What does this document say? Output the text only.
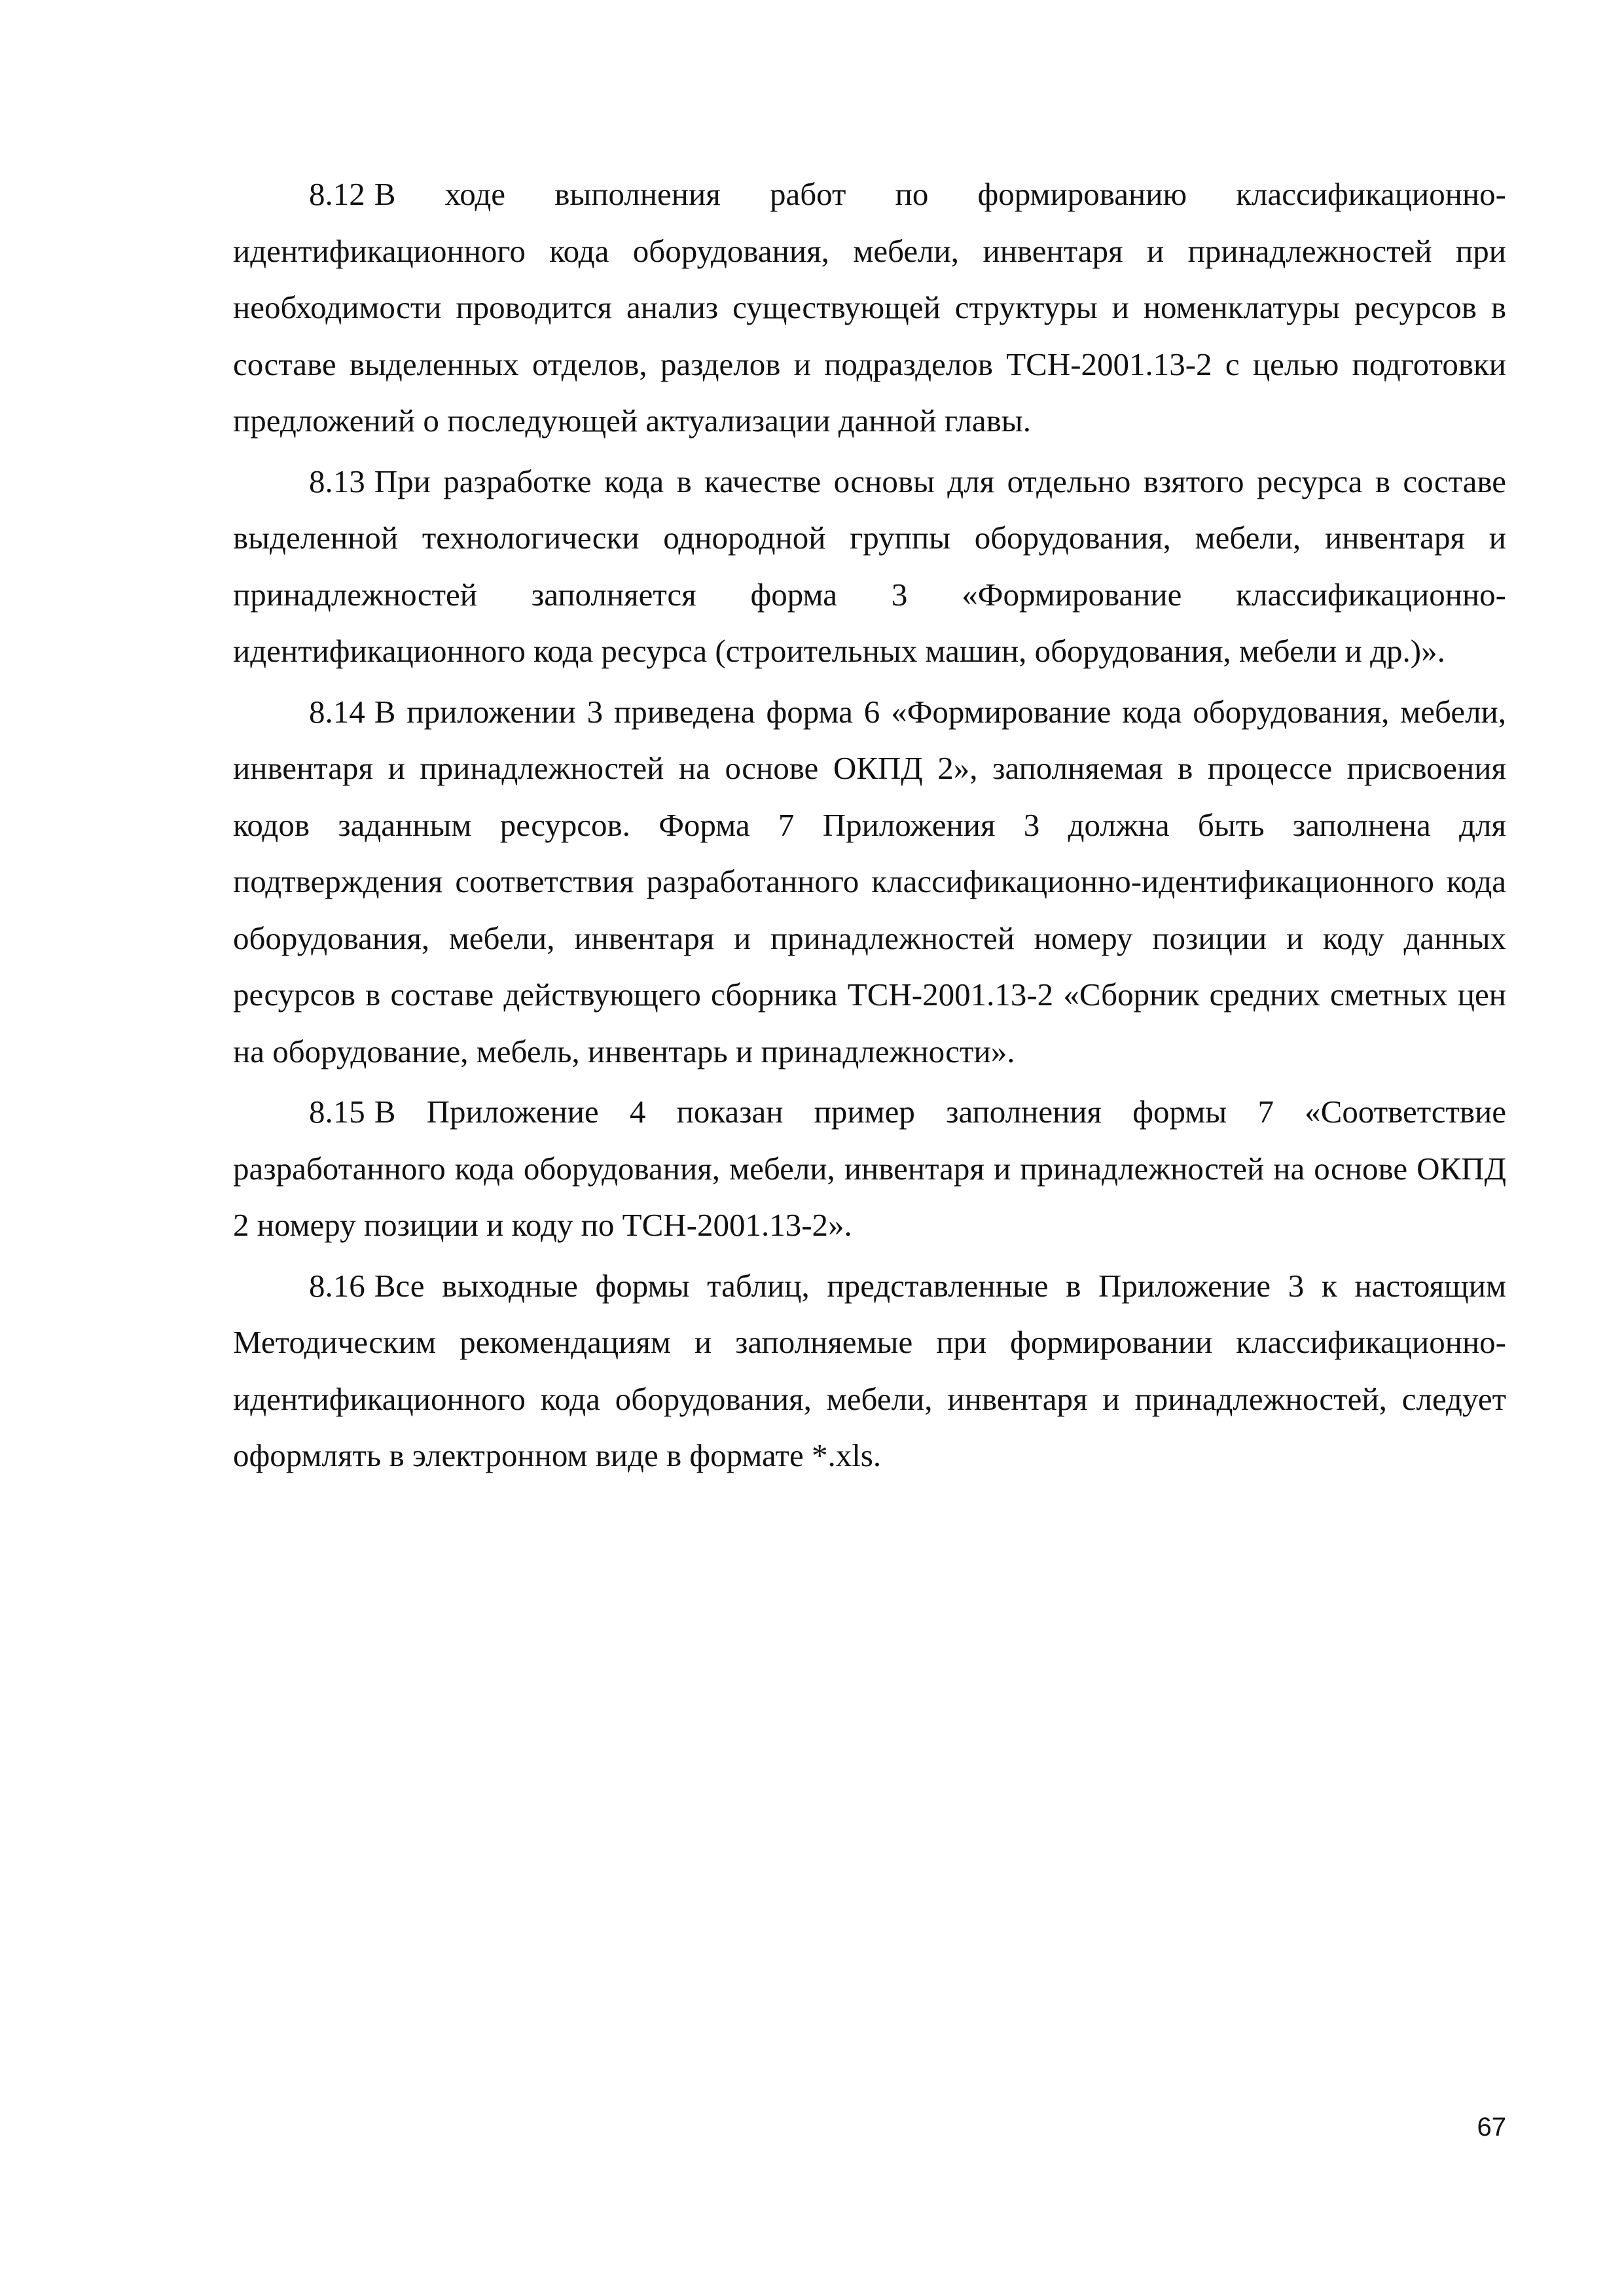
8.12 В ходе выполнения работ по формированию классификационно-идентификационного кода оборудования, мебели, инвентаря и принадлежностей при необходимости проводится анализ существующей структуры и номенклатуры ресурсов в составе выделенных отделов, разделов и подразделов ТСН-2001.13-2 с целью подготовки предложений о последующей актуализации данной главы.

8.13 При разработке кода в качестве основы для отдельно взятого ресурса в составе выделенной технологически однородной группы оборудования, мебели, инвентаря и принадлежностей заполняется форма 3 «Формирование классификационно-идентификационного кода ресурса (строительных машин, оборудования, мебели и др.)».

8.14 В приложении 3 приведена форма 6 «Формирование кода оборудования, мебели, инвентаря и принадлежностей на основе ОКПД 2», заполняемая в процессе присвоения кодов заданным ресурсов. Форма 7 Приложения 3 должна быть заполнена для подтверждения соответствия разработанного классификационно-идентификационного кода оборудования, мебели, инвентаря и принадлежностей номеру позиции и коду данных ресурсов в составе действующего сборника ТСН-2001.13-2 «Сборник средних сметных цен на оборудование, мебель, инвентарь и принадлежности».

8.15 В Приложение 4 показан пример заполнения формы 7 «Соответствие разработанного кода оборудования, мебели, инвентаря и принадлежностей на основе ОКПД 2 номеру позиции и коду по ТСН-2001.13-2».

8.16 Все выходные формы таблиц, представленные в Приложение 3 к настоящим Методическим рекомендациям и заполняемые при формировании классификационно-идентификационного кода оборудования, мебели, инвентаря и принадлежностей, следует оформлять в электронном виде в формате *.xls.

67
